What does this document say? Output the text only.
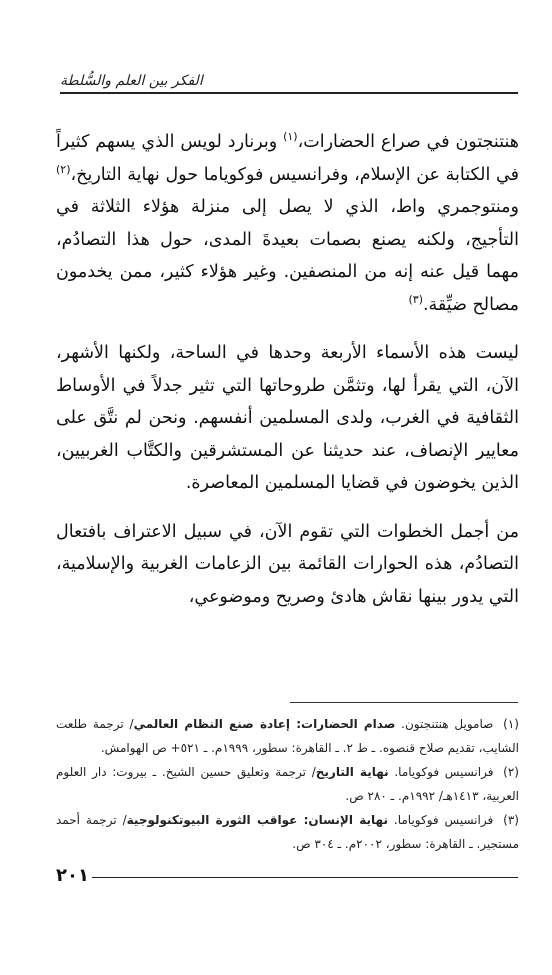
الفكر بين العلم والسُّلطة

هنتنجتون في صراع الحضارات،$^{(١)}$ وبرنارد لويس الذي يسهم كثيراً في الكتابة عن الإسلام، وفرانسيس فوكوياما حول نهاية التاريخ،$^{(٢)}$ ومنتوجمري واط، الذي لا يصل إلى منزلة هؤلاء الثلاثة في التأجيج، ولكنه يصنع بصمات بعيدةَ المدى، حول هذا التصادُم، مهما قيل عنه إنه من المنصفين. وغير هؤلاء كثير، ممن يخدمون مصالح ضيِّقة.$^{(٣)}$

ليست هذه الأسماء الأربعة وحدها في الساحة، ولكنها الأشهر، الآن، التي يقرأ لها، وتثمَّن طروحاتها التي تثير جدلاً في الأوساط الثقافية في الغرب، ولدى المسلمين أنفسهم. ونحن لم نتَّق على معايير الإنصاف، عند حديثنا عن المستشرقين والكتَّاب الغربيين، الذين يخوضون في قضايا المسلمين المعاصرة.

من أجمل الخطوات التي تقوم الآن، في سبيل الاعتراف بافتعال التصادُم، هذه الحوارات القائمة بين الزعامات الغربية والإسلامية، التي يدور بينها نقاش هادئ وصريح وموضوعي،

(١) صامويل هنتنجتون. صدام الحضارات: إعادة صنع النظام العالمي/ ترجمة طلعت الشايب، تقديم صلاح قنصوه. ـ ط ٢. ـ القاهرة: سطور، ١٩٩٩م. ـ ٥٢١+ ص الهوامش.

(٢) فرانسيس فوكوياما. نهاية التاريخ/ ترجمة وتعليق حسين الشيخ. ـ بيروت: دار العلوم العربية، ١٤١٣هـ/ ١٩٩٢م. ـ ٢٨٠ ص.

(٣) فرانسيس فوكوياما. نهاية الإنسان: عواقب الثورة البيوتكنولوجية/ ترجمة أحمد مستجير. ـ القاهرة: سطور، ٢٠٠٢م. ـ ٣٠٤ ص.

٢٠١
